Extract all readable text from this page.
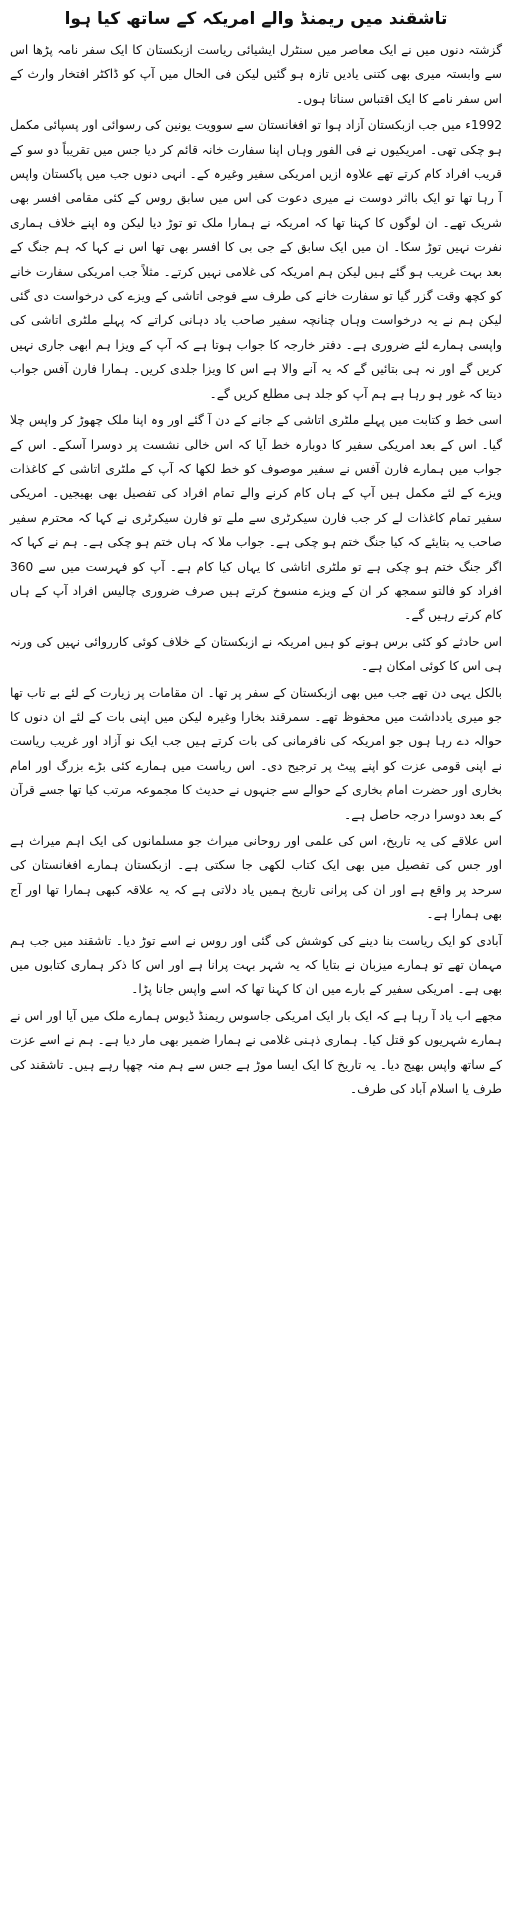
تاشقند میں ریمنڈ والے امریکہ کے ساتھ کیا ہوا

گزشتہ دنوں میں نے ایک معاصر میں سنٹرل ایشیائی ریاست ازبکستان کا ایک سفر نامہ پڑھا اس سے وابستہ میری بھی کتنی یادیں تازہ ہو گئیں لیکن فی الحال میں آپ کو ڈاکٹر افتخار وارث کے اس سفر نامے کا ایک اقتباس سناتا ہوں۔

1992ء میں جب ازبکستان آزاد ہوا تو افغانستان سے سوویت یونین کی رسوائی اور پسپائی مکمل ہو چکی تھی۔ امریکیوں نے فی الفور وہاں اپنا سفارت خانہ قائم کر دیا جس میں تقریباً دو سو کے قریب افراد کام کرتے تھے علاوہ ازیں امریکی سفیر وغیرہ کے۔ انہی دنوں جب میں پاکستان واپس آ رہا تھا تو ایک بااثر دوست نے میری دعوت کی اس میں سابق روس کے کئی مقامی افسر بھی شریک تھے۔ ان لوگوں کا کہنا تھا کہ امریکہ نے ہمارا ملک تو توڑ دیا لیکن وہ اپنے خلاف ہماری نفرت نہیں توڑ سکا۔ ان میں ایک سابق کے جی بی کا افسر بھی تھا اس نے کہا کہ ہم جنگ کے بعد بہت غریب ہو گئے ہیں لیکن ہم امریکہ کی غلامی نہیں کرتے۔ مثلاً جب امریکی سفارت خانے کو کچھ وقت گزر گیا تو سفارت خانے کی طرف سے فوجی اتاشی کے ویزے کی درخواست دی گئی لیکن ہم نے یہ درخواست وہاں چنانچہ سفیر صاحب یاد دہانی کراتے کہ پہلے ملٹری اتاشی کی واپسی ہمارے لئے ضروری ہے۔ دفتر خارجہ کا جواب ہوتا ہے کہ آپ کے ویزا ہم ابھی جاری نہیں کریں گے اور نہ ہی بتائیں گے کہ یہ آنے والا ہے اس کا ویزا جلدی کریں۔ ہمارا فارن آفس جواب دیتا کہ غور ہو رہا ہے ہم آپ کو جلد ہی مطلع کریں گے۔

اسی خط و کتابت میں پہلے ملٹری اتاشی کے جانے کے دن آ گئے اور وہ اپنا ملک چھوڑ کر واپس چلا گیا۔ اس کے بعد امریکی سفیر کا دوبارہ خط آیا کہ اس خالی نشست پر دوسرا آسکے۔ اس کے جواب میں ہمارے فارن آفس نے سفیر موصوف کو خط لکھا کہ آپ کے ملٹری اتاشی کے کاغذات ویزے کے لئے مکمل ہیں آپ کے ہاں کام کرنے والے تمام افراد کی تفصیل بھی بھیجیں۔ امریکی سفیر تمام کاغذات لے کر جب فارن سیکرٹری سے ملے تو فارن سیکرٹری نے کہا کہ محترم سفیر صاحب یہ بتایئے کہ کیا جنگ ختم ہو چکی ہے۔ جواب ملا کہ ہاں ختم ہو چکی ہے۔ ہم نے کہا کہ اگر جنگ ختم ہو چکی ہے تو ملٹری اتاشی کا یہاں کیا کام ہے۔ آپ کو فہرست میں سے 360 افراد کو فالتو سمجھ کر ان کے ویزے منسوخ کرتے ہیں صرف ضروری چالیس افراد آپ کے ہاں کام کرتے رہیں گے۔

اس حادثے کو کئی برس ہونے کو ہیں امریکہ نے ازبکستان کے خلاف کوئی کارروائی نہیں کی ورنہ ہی اس کا کوئی امکان ہے۔

بالکل یہی دن تھے جب میں بھی ازبکستان کے سفر پر تھا۔ ان مقامات پر زیارت کے لئے بے تاب تھا جو میری یادداشت میں محفوظ تھے۔ سمرقند بخارا وغیرہ لیکن میں اپنی بات کے لئے ان دنوں کا حوالہ دے رہا ہوں جو امریکہ کی نافرمانی کی بات کرتے ہیں جب ایک نو آزاد اور غریب ریاست نے اپنی قومی عزت کو اپنے پیٹ پر ترجیح دی۔ اس ریاست میں ہمارے کئی بڑے بزرگ اور امام بخاری اور حضرت امام بخاری کے حوالے سے جنہوں نے حدیث کا مجموعہ مرتب کیا تھا جسے قرآن کے بعد دوسرا درجہ حاصل ہے۔

اس علاقے کی یہ تاریخ، اس کی علمی اور روحانی میراث جو مسلمانوں کی ایک اہم میراث ہے اور جس کی تفصیل میں بھی ایک کتاب لکھی جا سکتی ہے۔ ازبکستان ہمارے افغانستان کی سرحد پر واقع ہے اور ان کی پرانی تاریخ ہمیں یاد دلاتی ہے کہ یہ علاقہ کبھی ہمارا تھا اور آج بھی ہمارا ہے۔

آبادی کو ایک ریاست بنا دینے کی کوشش کی گئی اور روس نے اسے توڑ دیا۔ تاشقند میں جب ہم مہمان تھے تو ہمارے میزبان نے بتایا کہ یہ شہر بہت پرانا ہے اور اس کا ذکر ہماری کتابوں میں بھی ہے۔ امریکی سفیر کے بارے میں ان کا کہنا تھا کہ اسے واپس جانا پڑا۔

مجھے اب یاد آ رہا ہے کہ ایک بار ایک امریکی جاسوس ریمنڈ ڈیوس ہمارے ملک میں آیا اور اس نے ہمارے شہریوں کو قتل کیا۔ ہماری ذہنی غلامی نے ہمارا ضمیر بھی مار دیا ہے۔ ہم نے اسے عزت کے ساتھ واپس بھیج دیا۔ یہ تاریخ کا ایک ایسا موڑ ہے جس سے ہم منہ چھپا رہے ہیں۔ تاشقند کی طرف یا اسلام آباد کی طرف۔
